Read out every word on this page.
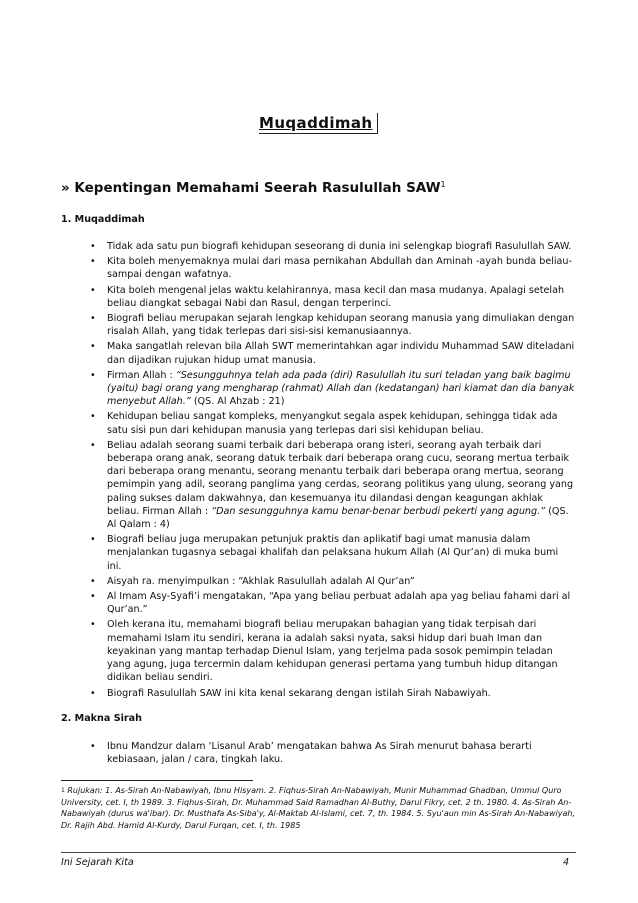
Muqaddimah
» Kepentingan Memahami Seerah Rasulullah SAW$^1$
1. Muqaddimah
• Tidak ada satu pun biografi kehidupan seseorang di dunia ini selengkap biografi Rasulullah SAW.
• Kita boleh menyemaknya mulai dari masa pernikahan Abdullah dan Aminah -ayah bunda beliau- sampai dengan wafatnya.
• Kita boleh mengenal jelas waktu kelahirannya, masa kecil dan masa mudanya. Apalagi setelah beliau diangkat sebagai Nabi dan Rasul, dengan terperinci.
• Biografi beliau merupakan sejarah lengkap kehidupan seorang manusia yang dimuliakan dengan risalah Allah, yang tidak terlepas dari sisi-sisi kemanusiaannya.
• Maka sangatlah relevan bila Allah SWT memerintahkan agar individu Muhammad SAW diteladani dan dijadikan rujukan hidup umat manusia.
• Firman Allah : “Sesungguhnya telah ada pada (diri) Rasulullah itu suri teladan yang baik bagimu (yaitu) bagi orang yang mengharap (rahmat) Allah dan (kedatangan) hari kiamat dan dia banyak menyebut Allah.” (QS. Al Ahzab : 21)
• Kehidupan beliau sangat kompleks, menyangkut segala aspek kehidupan, sehingga tidak ada satu sisi pun dari kehidupan manusia yang terlepas dari sisi kehidupan beliau.
• Beliau adalah seorang suami terbaik dari beberapa orang isteri, seorang ayah terbaik dari beberapa orang anak, seorang datuk terbaik dari beberapa orang cucu, seorang mertua terbaik dari beberapa orang menantu, seorang menantu terbaik dari beberapa orang mertua, seorang pemimpin yang adil, seorang panglima yang cerdas, seorang politikus yang ulung, seorang yang paling sukses dalam dakwahnya, dan kesemuanya itu dilandasi dengan keagungan akhlak beliau. Firman Allah : “Dan sesungguhnya kamu benar-benar berbudi pekerti yang agung.” (QS. Al Qalam : 4)
• Biografi beliau juga merupakan petunjuk praktis dan aplikatif bagi umat manusia dalam menjalankan tugasnya sebagai khalifah dan pelaksana hukum Allah (Al Qur’an) di muka bumi ini.
• Aisyah ra. menyimpulkan : “Akhlak Rasulullah adalah Al Qur’an”
• Al Imam Asy-Syafi’i mengatakan, “Apa yang beliau perbuat adalah apa yag beliau fahami dari al Qur’an.”
• Oleh kerana itu, memahami biografi beliau merupakan bahagian yang tidak terpisah dari memahami Islam itu sendiri, kerana ia adalah saksi nyata, saksi hidup dari buah Iman dan keyakinan yang mantap terhadap Dienul Islam, yang terjelma pada sosok pemimpin teladan yang agung, juga tercermin dalam kehidupan generasi pertama yang tumbuh hidup ditangan didikan beliau sendiri.
• Biografi Rasulullah SAW ini kita kenal sekarang dengan istilah Sirah Nabawiyah.
2. Makna Sirah
• Ibnu Mandzur dalam ‘Lisanul Arab’ mengatakan bahwa As Sirah menurut bahasa berarti kebiasaan, jalan / cara, tingkah laku.
$^1$ Rujukan: 1. As-Sirah An-Nabawiyah, Ibnu Hisyam. 2. Fiqhus-Sirah An-Nabawiyah, Munir Muhammad Ghadban, Ummul Quro University, cet. I, th 1989. 3. Fiqhus-Sirah, Dr. Muhammad Said Ramadhan Al-Buthy, Darul Fikry, cet. 2 th. 1980. 4. As-Sirah An-Nabawiyah (durus wa'ibar). Dr. Musthafa As-Siba'y, Al-Maktab Al-Islami, cet. 7, th. 1984. 5. Syu'aun min As-Sirah An-Nabawiyah, Dr. Rajih Abd. Hamid Al-Kurdy, Darul Furqan, cet. I, th. 1985
Ini Sejarah Kita	4
